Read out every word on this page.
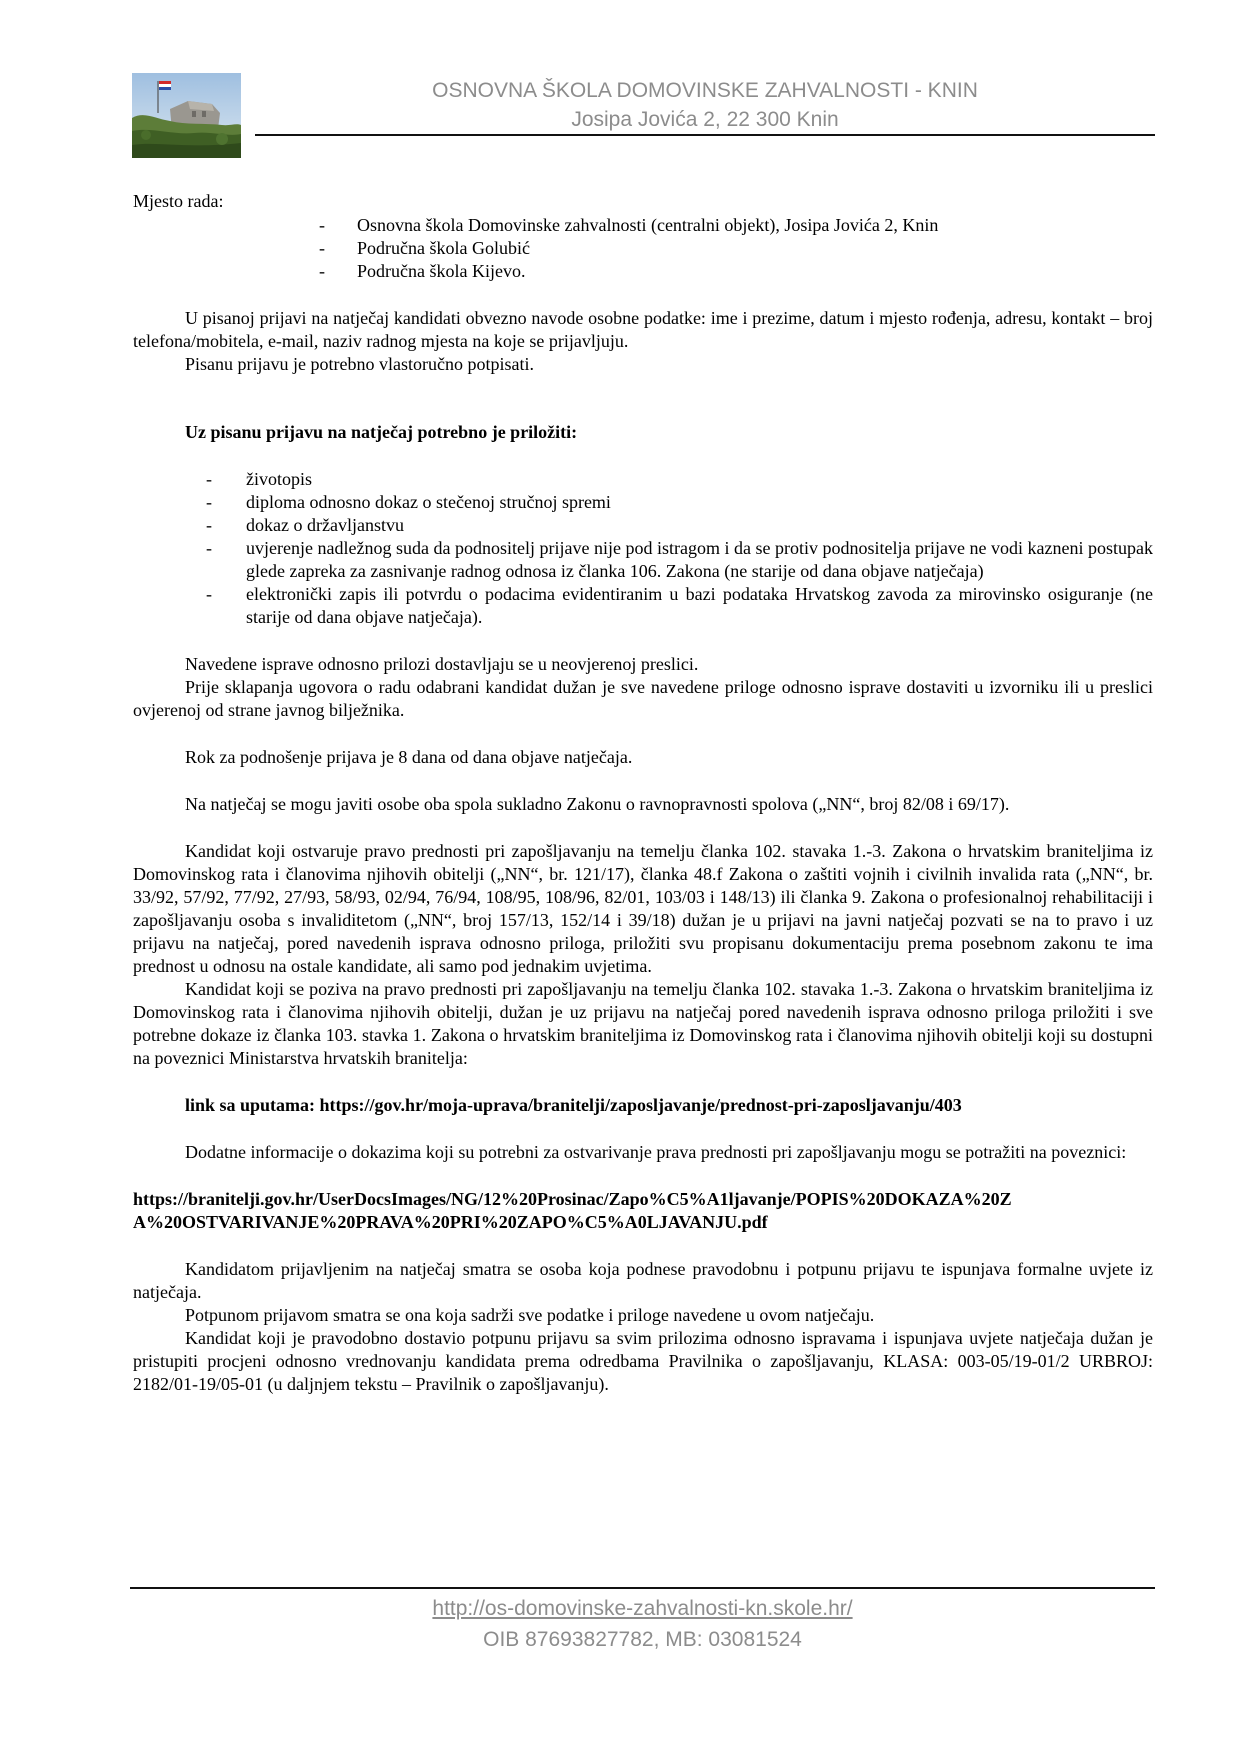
OSNOVNA ŠKOLA DOMOVINSKE ZAHVALNOSTI - KNIN
Josipa Jovića 2, 22 300 Knin

Mjesto rada:

- Osnovna škola Domovinske zahvalnosti (centralni objekt), Josipa Jovića 2, Knin
- Područna škola Golubić
- Područna škola Kijevo.

U pisanoj prijavi na natječaj kandidati obvezno navode osobne podatke: ime i prezime, datum i mjesto rođenja, adresu, kontakt – broj telefona/mobitela, e-mail, naziv radnog mjesta na koje se prijavljuju.

Pisanu prijavu je potrebno vlastoručno potpisati.

Uz pisanu prijavu na natječaj potrebno je priložiti:

- životopis
- diploma odnosno dokaz o stečenoj stručnoj spremi
- dokaz o državljanstvu
- uvjerenje nadležnog suda da podnositelj prijave nije pod istragom i da se protiv podnositelja prijave ne vodi kazneni postupak glede zapreka za zasnivanje radnog odnosa iz članka 106. Zakona (ne starije od dana objave natječaja)
- elektronički zapis ili potvrdu o podacima evidentiranim u bazi podataka Hrvatskog zavoda za mirovinsko osiguranje (ne starije od dana objave natječaja).

Navedene isprave odnosno prilozi dostavljaju se u neovjerenoj preslici.

Prije sklapanja ugovora o radu odabrani kandidat dužan je sve navedene priloge odnosno isprave dostaviti u izvorniku ili u preslici ovjerenoj od strane javnog bilježnika.

Rok za podnošenje prijava je 8 dana od dana objave natječaja.

Na natječaj se mogu javiti osobe oba spola sukladno Zakonu o ravnopravnosti spolova („NN“, broj 82/08 i 69/17).

Kandidat koji ostvaruje pravo prednosti pri zapošljavanju na temelju članka 102. stavaka 1.-3. Zakona o hrvatskim braniteljima iz Domovinskog rata i članovima njihovih obitelji („NN“, br. 121/17), članka 48.f Zakona o zaštiti vojnih i civilnih invalida rata („NN“, br. 33/92, 57/92, 77/92, 27/93, 58/93, 02/94, 76/94, 108/95, 108/96, 82/01, 103/03 i 148/13) ili članka 9. Zakona o profesionalnoj rehabilitaciji i zapošljavanju osoba s invaliditetom („NN“, broj 157/13, 152/14 i 39/18) dužan je u prijavi na javni natječaj pozvati se na to pravo i uz prijavu na natječaj, pored navedenih isprava odnosno priloga, priložiti svu propisanu dokumentaciju prema posebnom zakonu te ima prednost u odnosu na ostale kandidate, ali samo pod jednakim uvjetima.

Kandidat koji se poziva na pravo prednosti pri zapošljavanju na temelju članka 102. stavaka 1.-3. Zakona o hrvatskim braniteljima iz Domovinskog rata i članovima njihovih obitelji, dužan je uz prijavu na natječaj pored navedenih isprava odnosno priloga priložiti i sve potrebne dokaze iz članka 103. stavka 1. Zakona o hrvatskim braniteljima iz Domovinskog rata i članovima njihovih obitelji koji su dostupni na poveznici Ministarstva hrvatskih branitelja:

link sa uputama: https://gov.hr/moja-uprava/branitelji/zaposljavanje/prednost-pri-zaposljavanju/403

Dodatne informacije o dokazima koji su potrebni za ostvarivanje prava prednosti pri zapošljavanju mogu se potražiti na poveznici:

https://branitelji.gov.hr/UserDocsImages/NG/12%20Prosinac/Zapo%C5%A1ljavanje/POPIS%20DOKAZA%20Z
A%20OSTVARIVANJE%20PRAVA%20PRI%20ZAPO%C5%A0LJAVANJU.pdf

Kandidatom prijavljenim na natječaj smatra se osoba koja podnese pravodobnu i potpunu prijavu te ispunjava formalne uvjete iz natječaja.

Potpunom prijavom smatra se ona koja sadrži sve podatke i priloge navedene u ovom natječaju.

Kandidat koji je pravodobno dostavio potpunu prijavu sa svim prilozima odnosno ispravama i ispunjava uvjete natječaja dužan je pristupiti procjeni odnosno vrednovanju kandidata prema odredbama Pravilnika o zapošljavanju, KLASA: 003-05/19-01/2 URBROJ: 2182/01-19/05-01 (u daljnjem tekstu – Pravilnik o zapošljavanju).

http://os-domovinske-zahvalnosti-kn.skole.hr/
OIB 87693827782, MB: 03081524
